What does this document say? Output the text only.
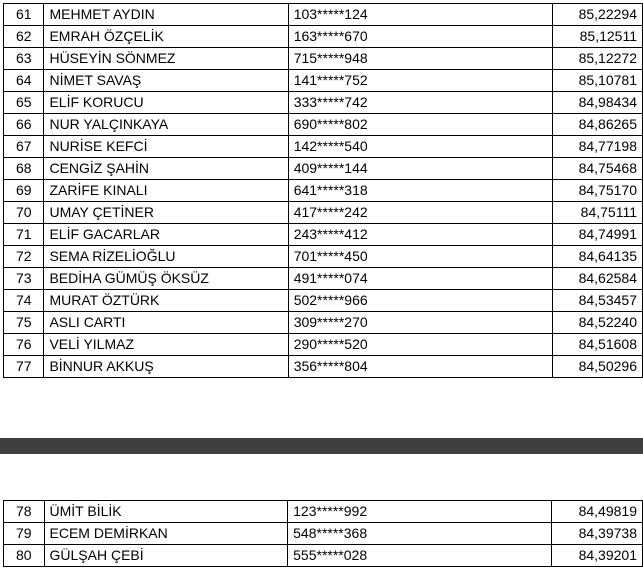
61	MEHMET AYDIN	103*****124	85,22294
62	EMRAH ÖZÇELİK	163*****670	85,12511
63	HÜSEYİN SÖNMEZ	715*****948	85,12272
64	NİMET SAVAŞ	141*****752	85,10781
65	ELİF KORUCU	333*****742	84,98434
66	NUR YALÇINKAYA	690*****802	84,86265
67	NURİSE KEFCİ	142*****540	84,77198
68	CENGİZ ŞAHİN	409*****144	84,75468
69	ZARİFE KINALI	641*****318	84,75170
70	UMAY ÇETİNER	417*****242	84,75111
71	ELİF GACARLAR	243*****412	84,74991
72	SEMA RİZELİOĞLU	701*****450	84,64135
73	BEDİHA GÜMÜŞ ÖKSÜZ	491*****074	84,62584
74	MURAT ÖZTÜRK	502*****966	84,53457
75	ASLI CARTI	309*****270	84,52240
76	VELİ YILMAZ	290*****520	84,51608
77	BİNNUR AKKUŞ	356*****804	84,50296
78	ÜMİT BİLİK	123*****992	84,49819
79	ECEM DEMİRKAN	548*****368	84,39738
80	GÜLŞAH ÇEBİ	555*****028	84,39201
